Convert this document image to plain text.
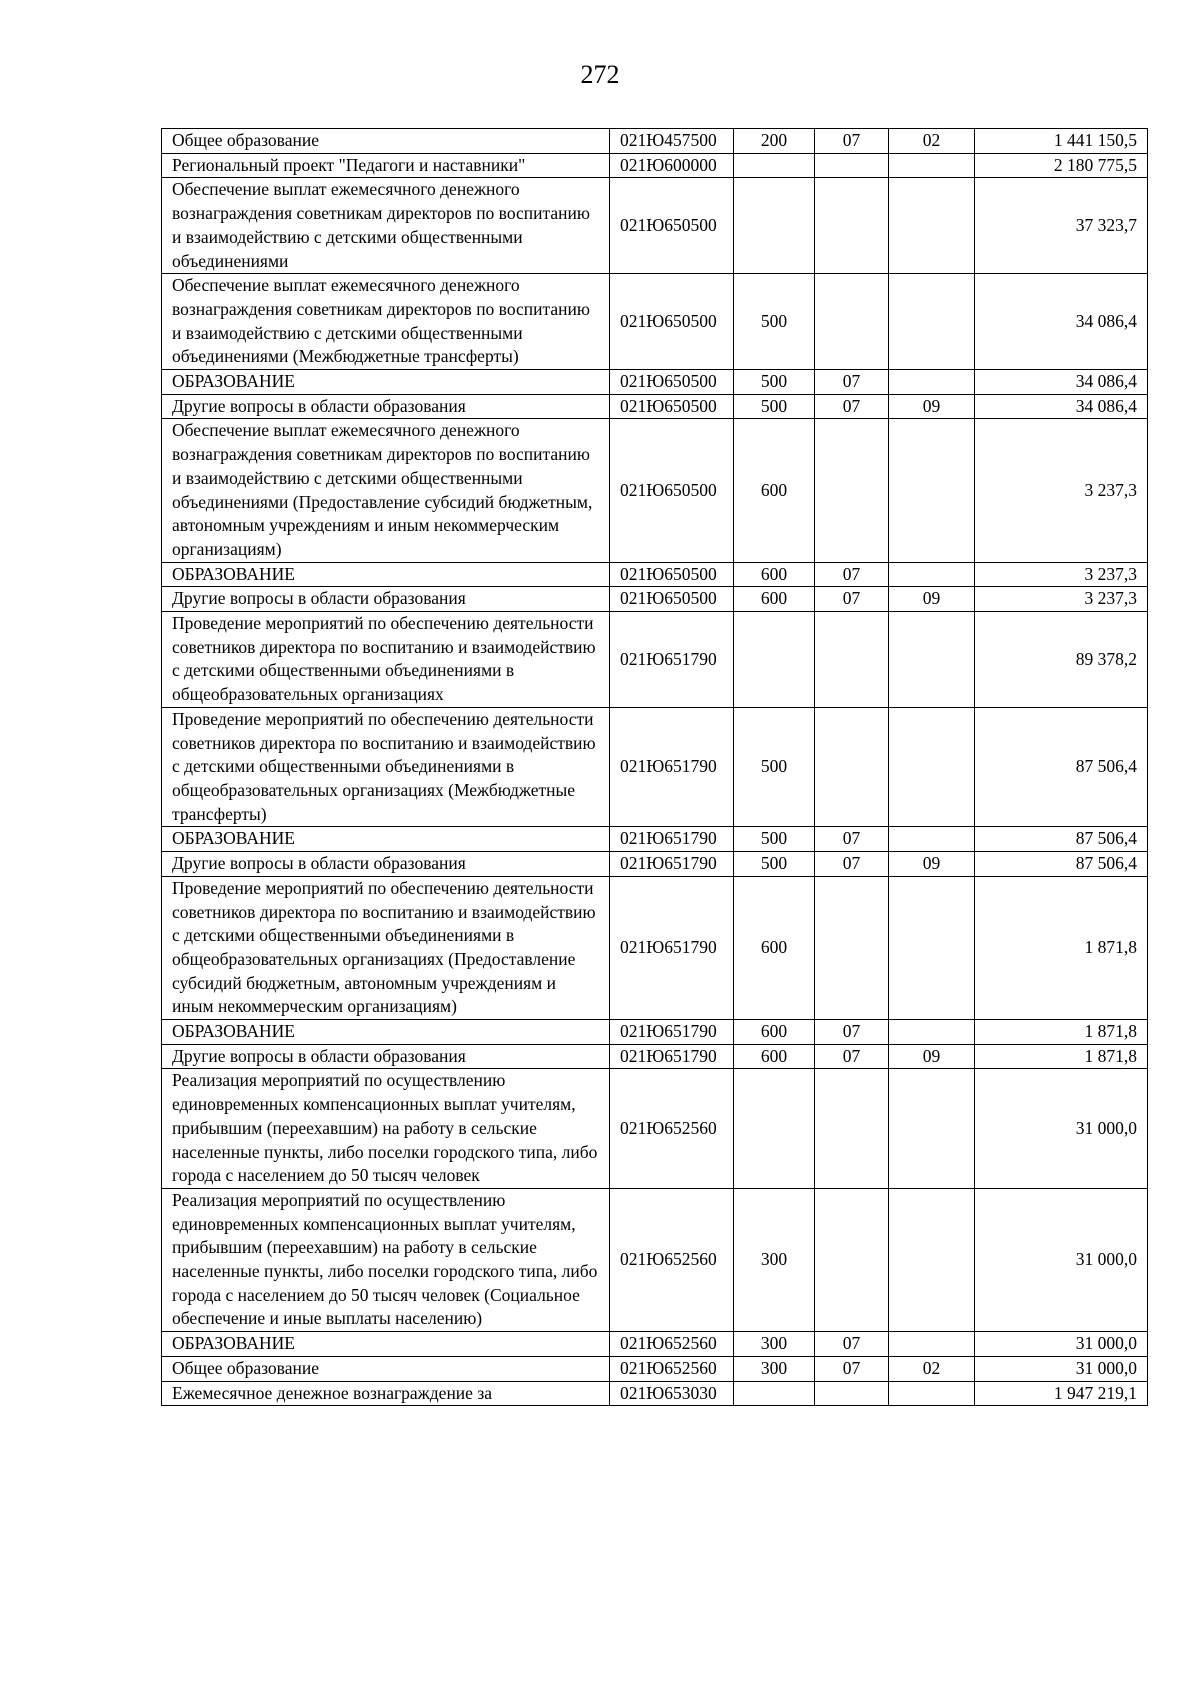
272
Общее образование	021Ю457500	200	07	02	1 441 150,5
Региональный проект "Педагоги и наставники"	021Ю600000				2 180 775,5
Обеспечение выплат ежемесячного денежного вознаграждения советникам директоров по воспитанию и взаимодействию с детскими общественными объединениями	021Ю650500				37 323,7
Обеспечение выплат ежемесячного денежного вознаграждения советникам директоров по воспитанию и взаимодействию с детскими общественными объединениями (Межбюджетные трансферты)	021Ю650500	500			34 086,4
ОБРАЗОВАНИЕ	021Ю650500	500	07		34 086,4
Другие вопросы в области образования	021Ю650500	500	07	09	34 086,4
Обеспечение выплат ежемесячного денежного вознаграждения советникам директоров по воспитанию и взаимодействию с детскими общественными объединениями (Предоставление субсидий бюджетным, автономным учреждениям и иным некоммерческим организациям)	021Ю650500	600			3 237,3
ОБРАЗОВАНИЕ	021Ю650500	600	07		3 237,3
Другие вопросы в области образования	021Ю650500	600	07	09	3 237,3
Проведение мероприятий по обеспечению деятельности советников директора по воспитанию и взаимодействию с детскими общественными объединениями в общеобразовательных организациях	021Ю651790				89 378,2
Проведение мероприятий по обеспечению деятельности советников директора по воспитанию и взаимодействию с детскими общественными объединениями в общеобразовательных организациях (Межбюджетные трансферты)	021Ю651790	500			87 506,4
ОБРАЗОВАНИЕ	021Ю651790	500	07		87 506,4
Другие вопросы в области образования	021Ю651790	500	07	09	87 506,4
Проведение мероприятий по обеспечению деятельности советников директора по воспитанию и взаимодействию с детскими общественными объединениями в общеобразовательных организациях (Предоставление субсидий бюджетным, автономным учреждениям и иным некоммерческим организациям)	021Ю651790	600			1 871,8
ОБРАЗОВАНИЕ	021Ю651790	600	07		1 871,8
Другие вопросы в области образования	021Ю651790	600	07	09	1 871,8
Реализация мероприятий по осуществлению единовременных компенсационных выплат учителям, прибывшим (переехавшим) на работу в сельские населенные пункты, либо поселки городского типа, либо города с населением до 50 тысяч человек	021Ю652560				31 000,0
Реализация мероприятий по осуществлению единовременных компенсационных выплат учителям, прибывшим (переехавшим) на работу в сельские населенные пункты, либо поселки городского типа, либо города с населением до 50 тысяч человек (Социальное обеспечение и иные выплаты населению)	021Ю652560	300			31 000,0
ОБРАЗОВАНИЕ	021Ю652560	300	07		31 000,0
Общее образование	021Ю652560	300	07	02	31 000,0
Ежемесячное денежное вознаграждение за	021Ю653030				1 947 219,1
